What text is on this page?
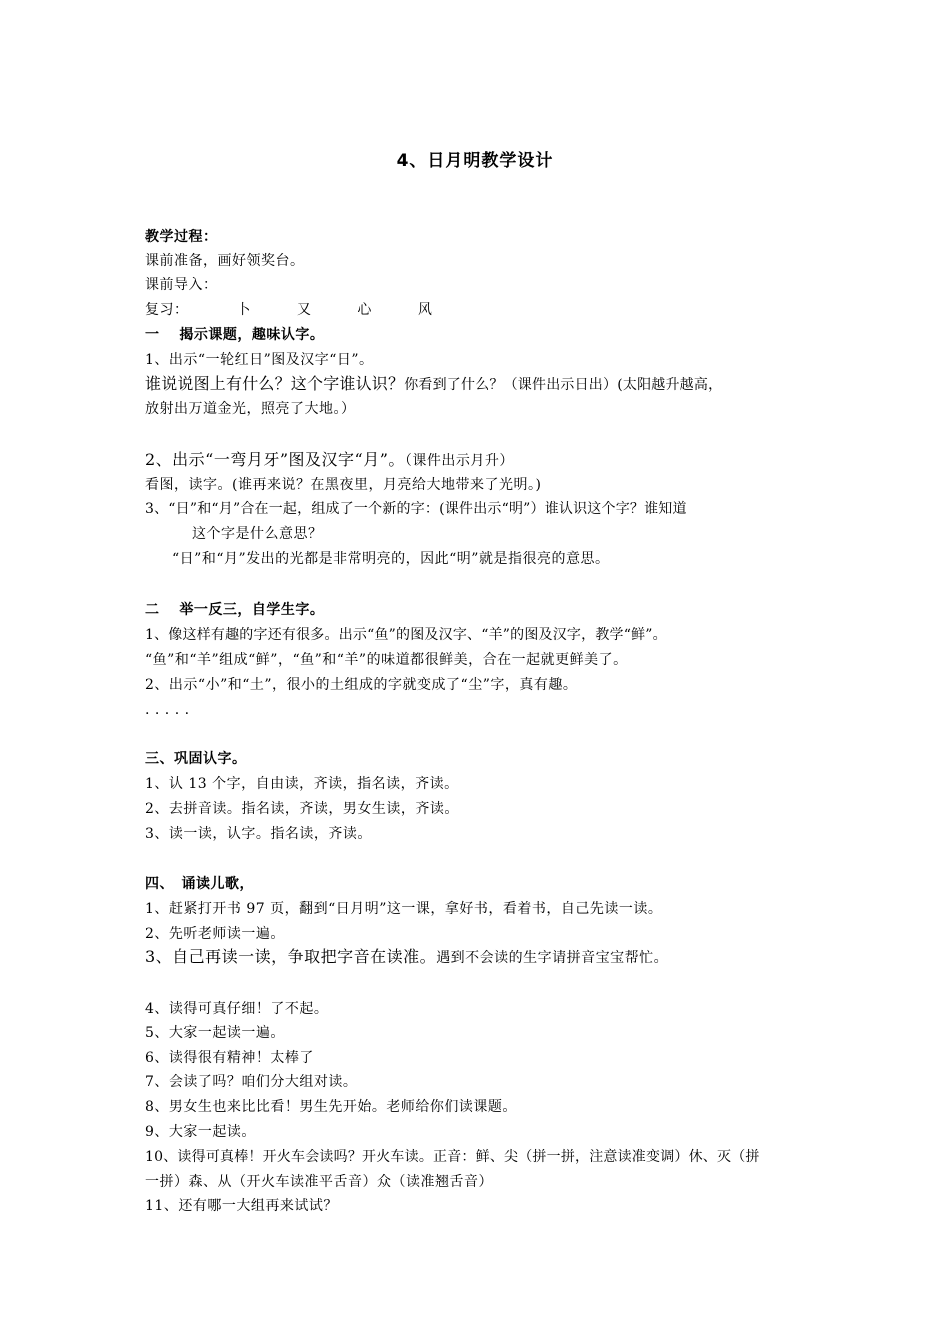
4、日月明教学设计
教学过程：
课前准备，画好领奖台。
课前导入：
复习：	卜 又 心 风
一　 揭示课题，趣味认字。
1、出示“一轮红日”图及汉字“日”。
谁说说图上有什么？这个字谁认识？你看到了什么？（课件出示日出）(太阳越升越高，
放射出万道金光，照亮了大地。）
2、出示“一弯月牙”图及汉字“月”。（课件出示月升）
看图，读字。(谁再来说？在黑夜里，月亮给大地带来了光明。)
3、“日”和“月”合在一起，组成了一个新的字：(课件出示“明”）谁认识这个字？谁知道
这个字是什么意思？
“日”和“月”发出的光都是非常明亮的，因此“明”就是指很亮的意思。
二　 举一反三，自学生字。
1、像这样有趣的字还有很多。出示“鱼”的图及汉字、“羊”的图及汉字，教学“鲜”。
“鱼”和“羊”组成“鲜”，“鱼”和“羊”的味道都很鲜美，合在一起就更鲜美了。
2、出示“小”和“土”，很小的土组成的字就变成了“尘”字，真有趣。
. . . . .
三、巩固认字。
1、认 13 个字，自由读，齐读，指名读，齐读。
2、去拼音读。指名读，齐读，男女生读，齐读。
3、读一读，认字。指名读，齐读。
四、　诵读儿歌，
1、赶紧打开书 97 页，翻到“日月明”这一课，拿好书，看着书，自己先读一读。
2、先听老师读一遍。
3、自己再读一读，争取把字音在读准。遇到不会读的生字请拼音宝宝帮忙。
4、读得可真仔细！了不起。
5、大家一起读一遍。
6、读得很有精神！太棒了
7、会读了吗？咱们分大组对读。
8、男女生也来比比看！男生先开始。老师给你们读课题。
9、大家一起读。
10、读得可真棒！开火车会读吗？开火车读。正音：鲜、尖（拼一拼，注意读准变调）休、灭（拼
一拼）森、从（开火车读准平舌音）众（读准翘舌音）
11、还有哪一大组再来试试？
